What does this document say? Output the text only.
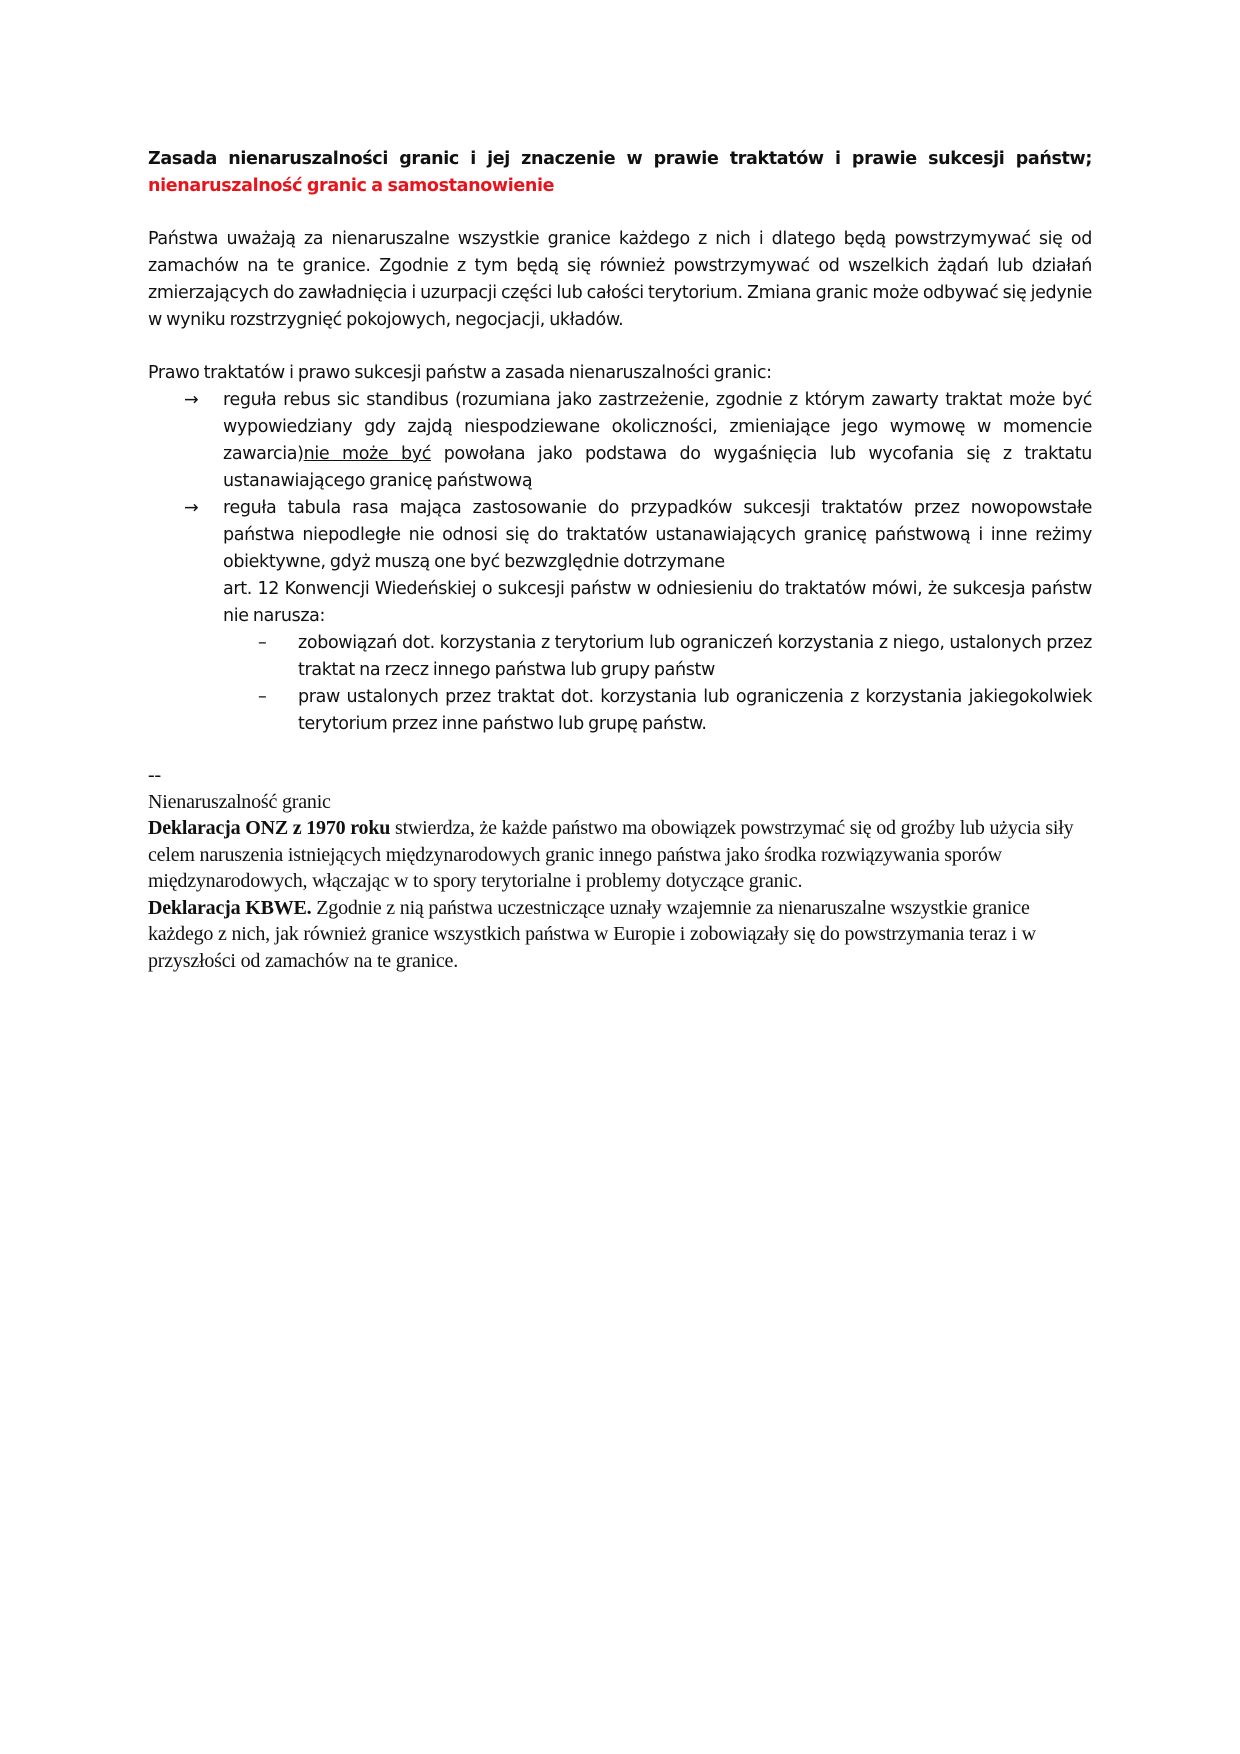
Zasada nienaruszalności granic i jej znaczenie w prawie traktatów i prawie sukcesji państw; nienaruszalność granic a samostanowienie

Państwa uważają za nienaruszalne wszystkie granice każdego z nich i dlatego będą powstrzymywać się od zamachów na te granice. Zgodnie z tym będą się również powstrzymywać od wszelkich żądań lub działań zmierzających do zawładnięcia i uzurpacji części lub całości terytorium. Zmiana granic może odbywać się jedynie w wyniku rozstrzygnięć pokojowych, negocjacji, układów.

Prawo traktatów i prawo sukcesji państw a zasada nienaruszalności granic:

→ reguła rebus sic standibus (rozumiana jako zastrzeżenie, zgodnie z którym zawarty traktat może być wypowiedziany gdy zajdą niespodziewane okoliczności, zmieniające jego wymowę w momencie zawarcia)nie może być powołana jako podstawa do wygaśnięcia lub wycofania się z traktatu ustanawiającego granicę państwową
→ reguła tabula rasa mająca zastosowanie do przypadków sukcesji traktatów przez nowopowstałe państwa niepodległe nie odnosi się do traktatów ustanawiających granicę państwową i inne reżimy obiektywne, gdyż muszą one być bezwzględnie dotrzymane

art. 12 Konwencji Wiedeńskiej o sukcesji państw w odniesieniu do traktatów mówi, że sukcesja państw nie narusza:

– zobowiązań dot. korzystania z terytorium lub ograniczeń korzystania z niego, ustalonych przez traktat na rzecz innego państwa lub grupy państw
– praw ustalonych przez traktat dot. korzystania lub ograniczenia z korzystania jakiegokolwiek terytorium przez inne państwo lub grupę państw.

--

Nienaruszalność granic

Deklaracja ONZ z 1970 roku stwierdza, że każde państwo ma obowiązek powstrzymać się od groźby lub użycia siły celem naruszenia istniejących międzynarodowych granic innego państwa jako środka rozwiązywania sporów międzynarodowych, włączając w to spory terytorialne i problemy dotyczące granic.

Deklaracja KBWE. Zgodnie z nią państwa uczestniczące uznały wzajemnie za nienaruszalne wszystkie granice każdego z nich, jak również granice wszystkich państwa w Europie i zobowiązały się do powstrzymania teraz i w przyszłości od zamachów na te granice.
